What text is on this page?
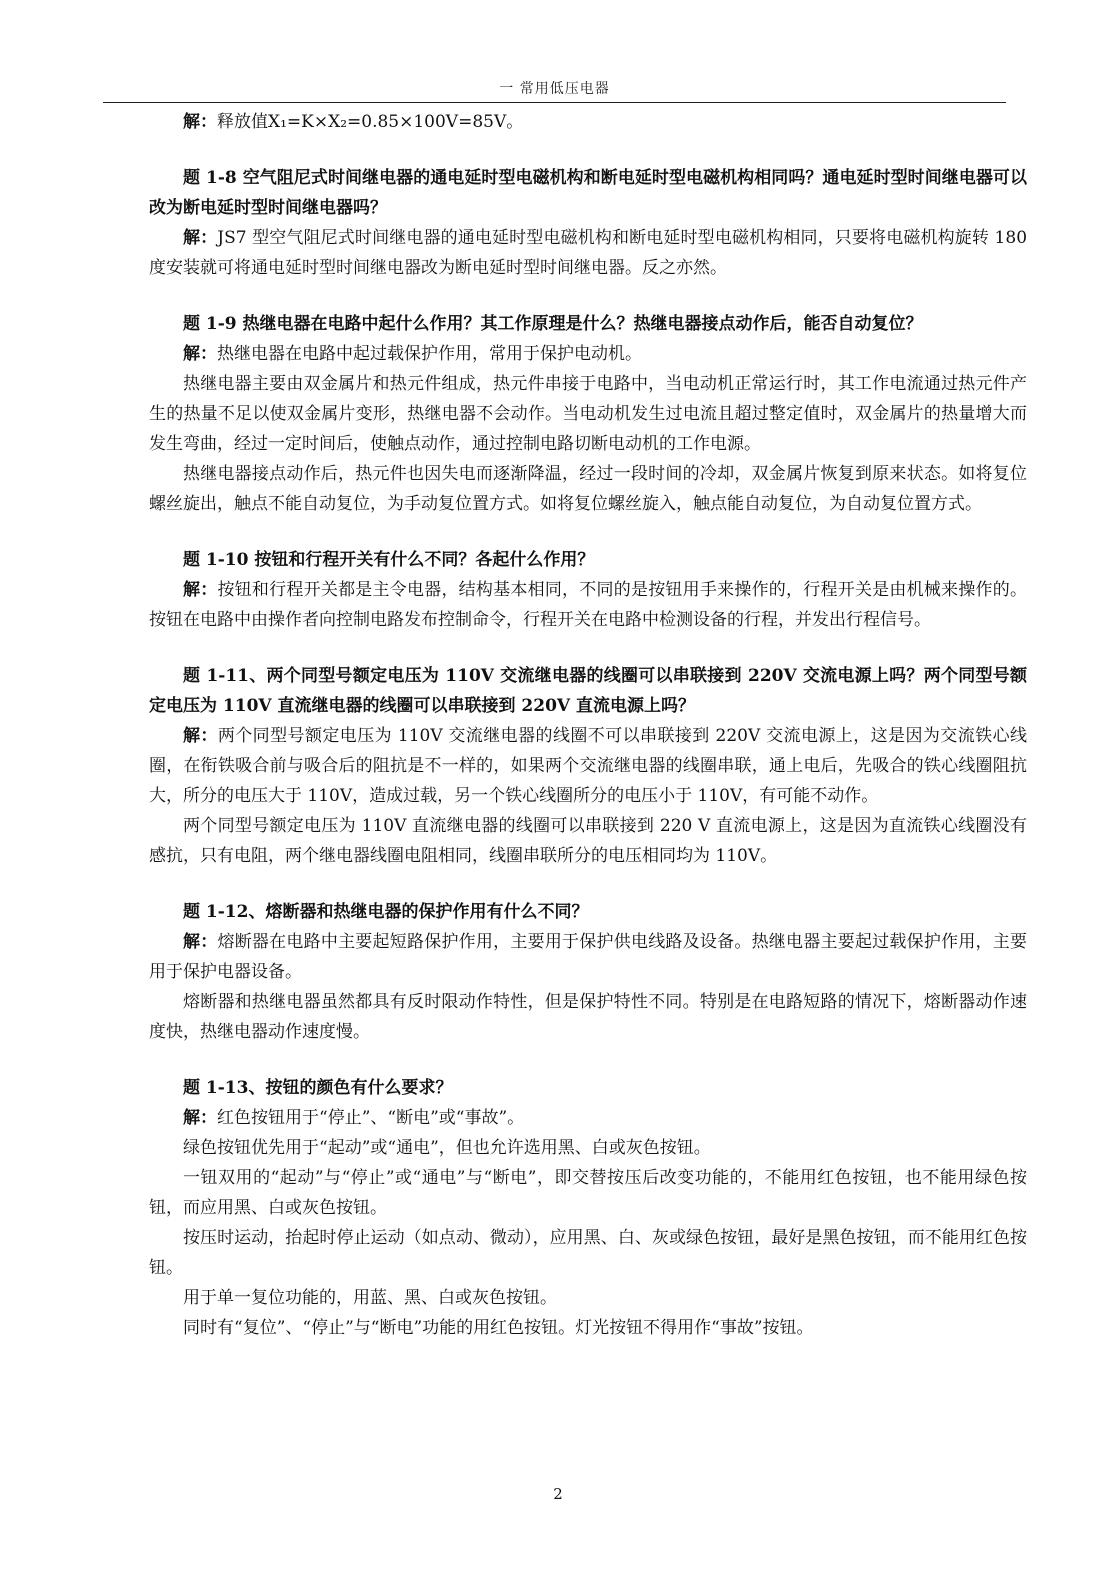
一 常用低压电器

解：释放值X₁=K×X₂=0.85×100V=85V。

题 1-8 空气阻尼式时间继电器的通电延时型电磁机构和断电延时型电磁机构相同吗？通电延时型时间继电器可以改为断电延时型时间继电器吗？

解：JS7 型空气阻尼式时间继电器的通电延时型电磁机构和断电延时型电磁机构相同，只要将电磁机构旋转 180 度安装就可将通电延时型时间继电器改为断电延时型时间继电器。反之亦然。

题 1-9 热继电器在电路中起什么作用？其工作原理是什么？热继电器接点动作后，能否自动复位？

解：热继电器在电路中起过载保护作用，常用于保护电动机。

热继电器主要由双金属片和热元件组成，热元件串接于电路中，当电动机正常运行时，其工作电流通过热元件产生的热量不足以使双金属片变形，热继电器不会动作。当电动机发生过电流且超过整定值时，双金属片的热量增大而发生弯曲，经过一定时间后，使触点动作，通过控制电路切断电动机的工作电源。

热继电器接点动作后，热元件也因失电而逐渐降温，经过一段时间的冷却，双金属片恢复到原来状态。如将复位螺丝旋出，触点不能自动复位，为手动复位置方式。如将复位螺丝旋入，触点能自动复位，为自动复位置方式。

题 1-10 按钮和行程开关有什么不同？各起什么作用？

解：按钮和行程开关都是主令电器，结构基本相同，不同的是按钮用手来操作的，行程开关是由机械来操作的。按钮在电路中由操作者向控制电路发布控制命令，行程开关在电路中检测设备的行程，并发出行程信号。

题 1-11、两个同型号额定电压为 110V 交流继电器的线圈可以串联接到 220V 交流电源上吗？两个同型号额定电压为 110V 直流继电器的线圈可以串联接到 220V 直流电源上吗？

解：两个同型号额定电压为 110V 交流继电器的线圈不可以串联接到 220V 交流电源上，这是因为交流铁心线圈，在衔铁吸合前与吸合后的阻抗是不一样的，如果两个交流继电器的线圈串联，通上电后，先吸合的铁心线圈阻抗大，所分的电压大于 110V，造成过载，另一个铁心线圈所分的电压小于 110V，有可能不动作。

两个同型号额定电压为 110V 直流继电器的线圈可以串联接到 220 V 直流电源上，这是因为直流铁心线圈没有感抗，只有电阻，两个继电器线圈电阻相同，线圈串联所分的电压相同均为 110V。

题 1-12、熔断器和热继电器的保护作用有什么不同？

解：熔断器在电路中主要起短路保护作用，主要用于保护供电线路及设备。热继电器主要起过载保护作用，主要用于保护电器设备。

熔断器和热继电器虽然都具有反时限动作特性，但是保护特性不同。特别是在电路短路的情况下，熔断器动作速度快，热继电器动作速度慢。

题 1-13、按钮的颜色有什么要求？

解：红色按钮用于“停止”、“断电”或“事故”。

绿色按钮优先用于“起动”或“通电”，但也允许选用黑、白或灰色按钮。

一钮双用的“起动”与“停止”或“通电”与“断电”，即交替按压后改变功能的，不能用红色按钮，也不能用绿色按钮，而应用黑、白或灰色按钮。

按压时运动，抬起时停止运动（如点动、微动），应用黑、白、灰或绿色按钮，最好是黑色按钮，而不能用红色按钮。

用于单一复位功能的，用蓝、黑、白或灰色按钮。

同时有“复位”、“停止”与“断电”功能的用红色按钮。灯光按钮不得用作“事故”按钮。

2
